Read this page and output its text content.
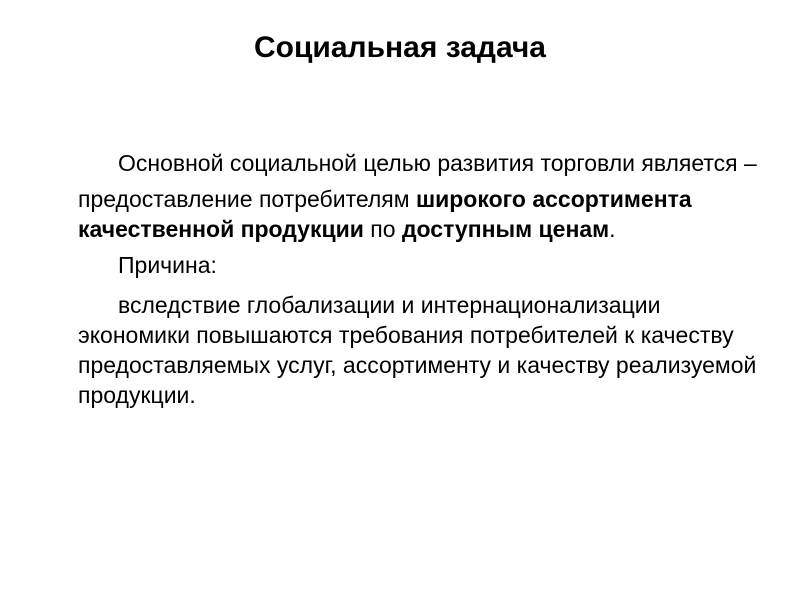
Социальная задача

Основной социальной целью развития торговли является –

предоставление потребителям широкого ассортимента качественной продукции по доступным ценам.

Причина:

вследствие глобализации и интернационализации экономики повышаются требования потребителей к качеству предоставляемых услуг, ассортименту и качеству реализуемой продукции.
